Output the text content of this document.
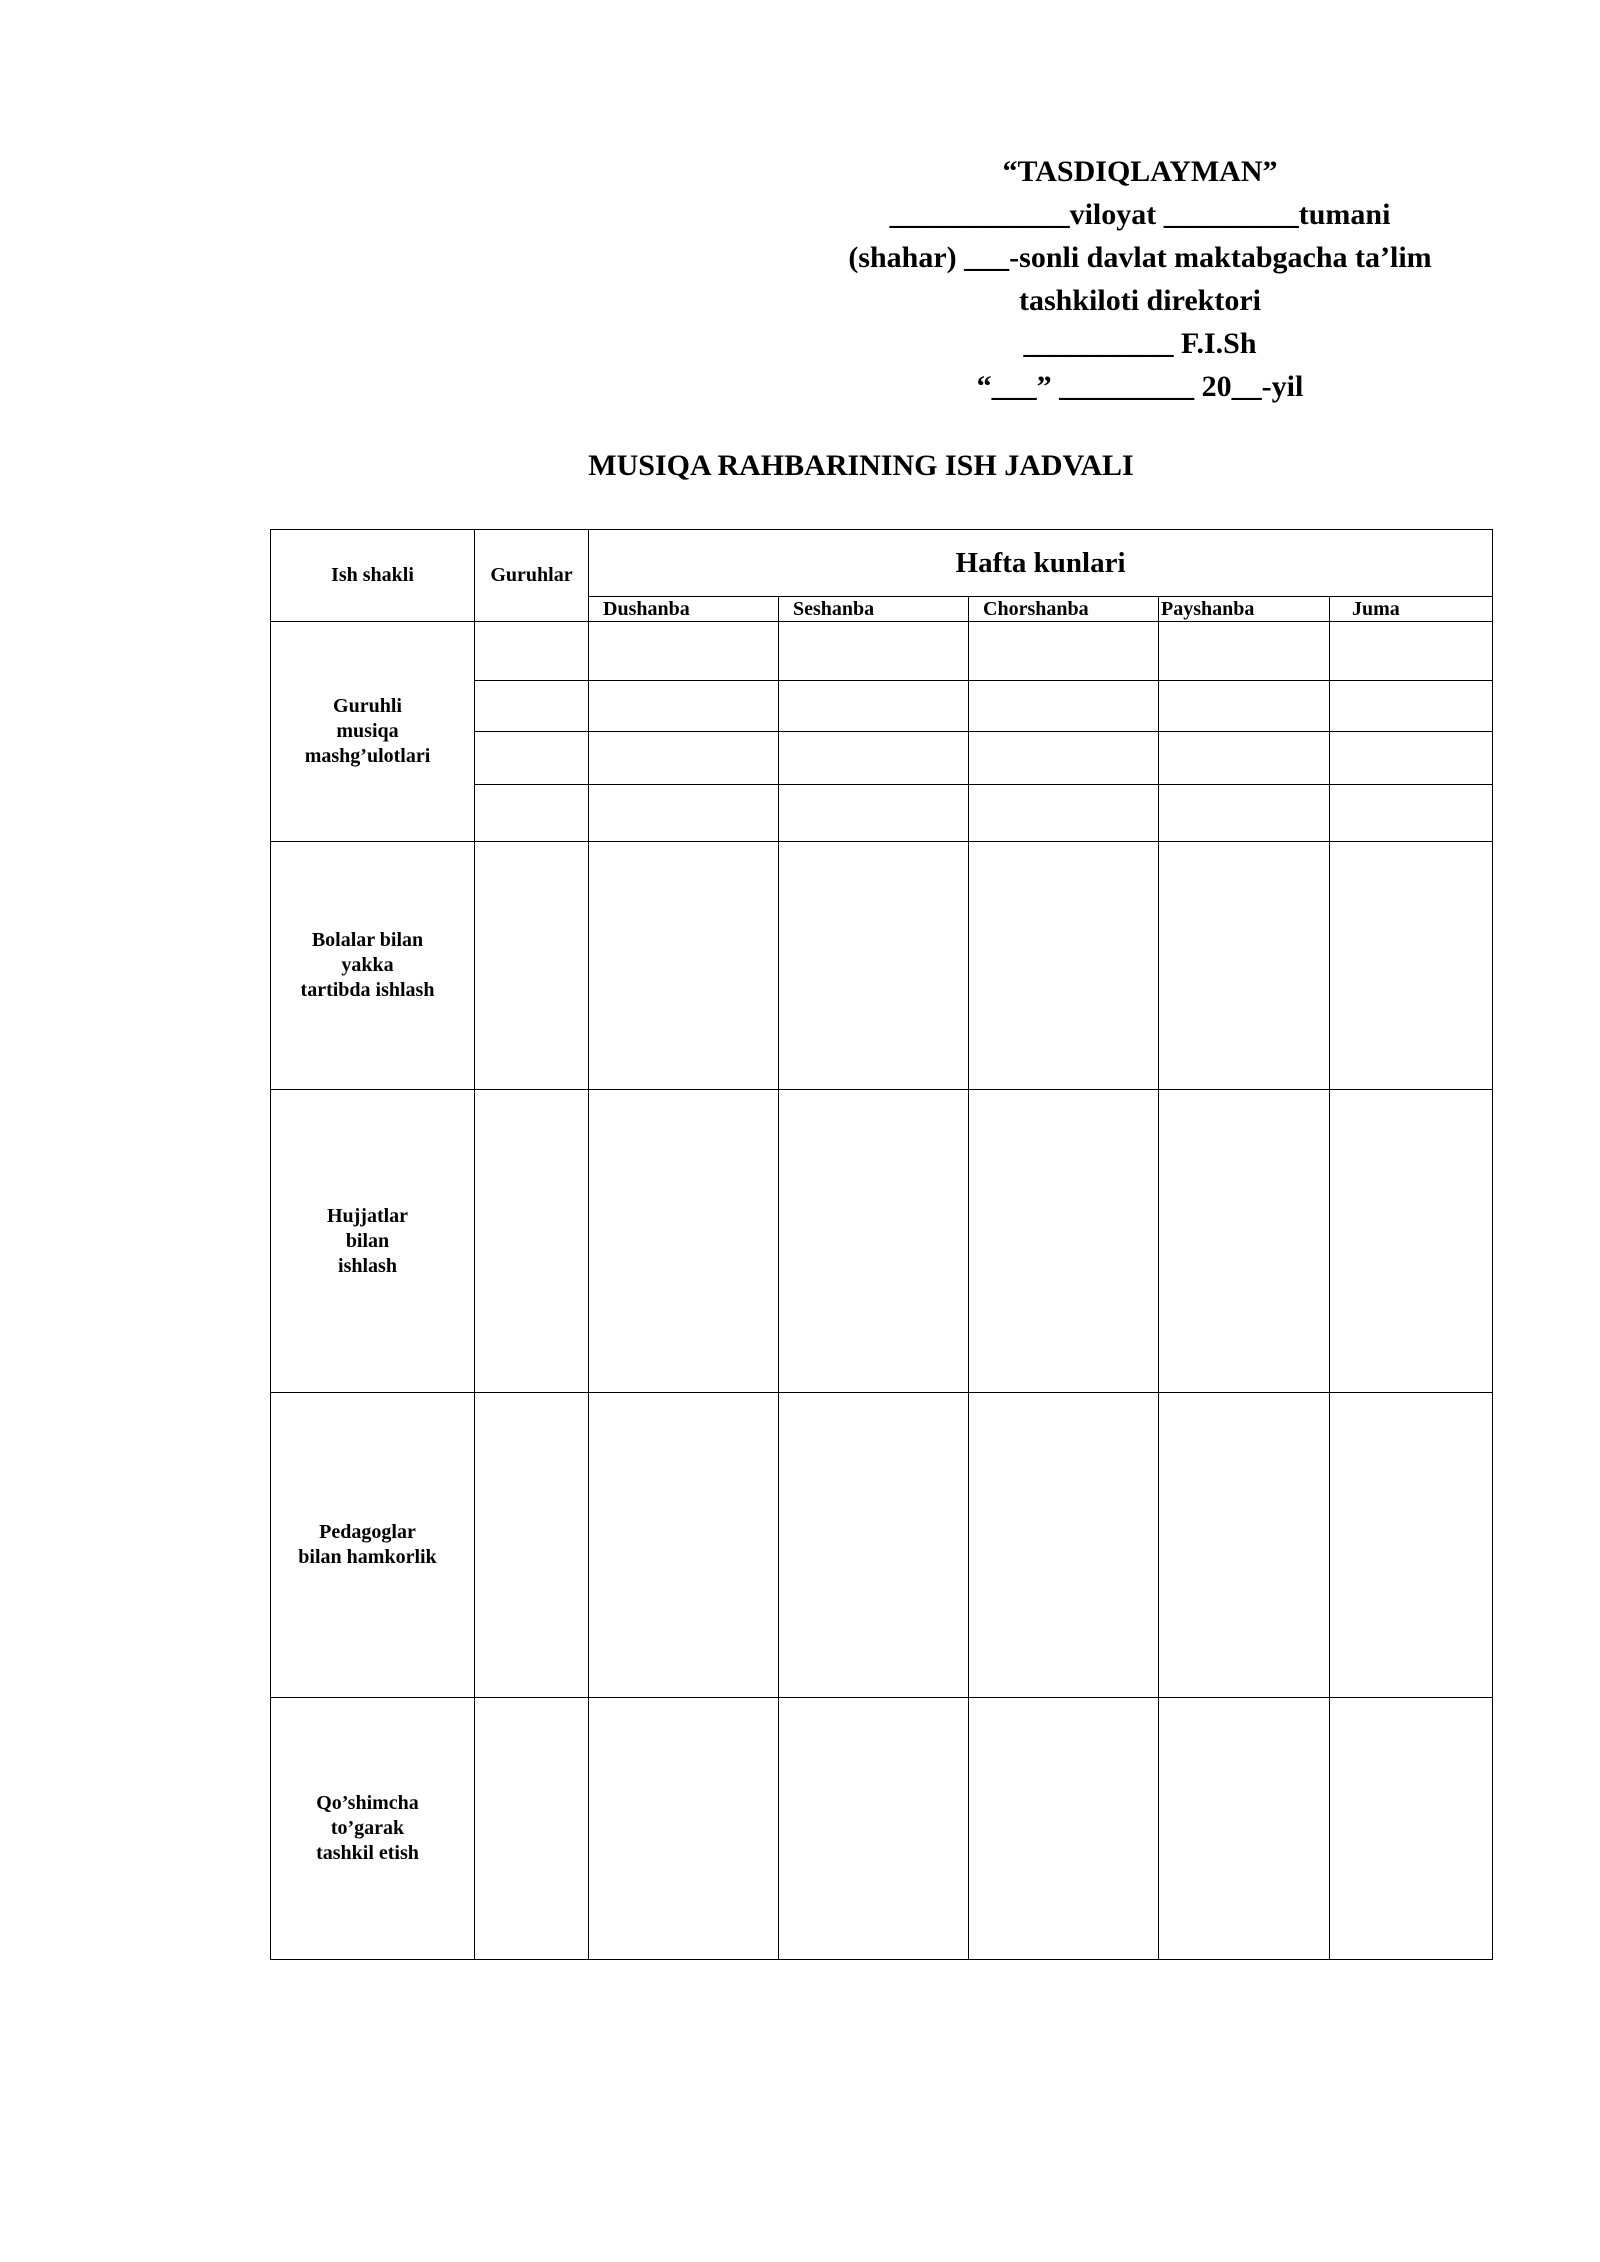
“TASDIQLAYMAN”
____________viloyat _________tumani
(shahar) ___-sonli davlat maktabgacha ta’lim
tashkiloti direktori
__________ F.I.Sh
“___” _________ 20__-yil
MUSIQA RAHBARINING ISH JADVALI
Ish shakli	Guruhlar	Hafta kunlari				
		Dushanba	Seshanba	Chorshanba	Payshanba	Juma

Guruhli
musiqa
mashg’ulotlari						

Bolalar bilan
yakka
tartibda ishlash						

Hujjatlar
bilan
ishlash						

Pedagoglar
bilan hamkorlik						

Qo’shimcha
to’garak
tashkil etish						
